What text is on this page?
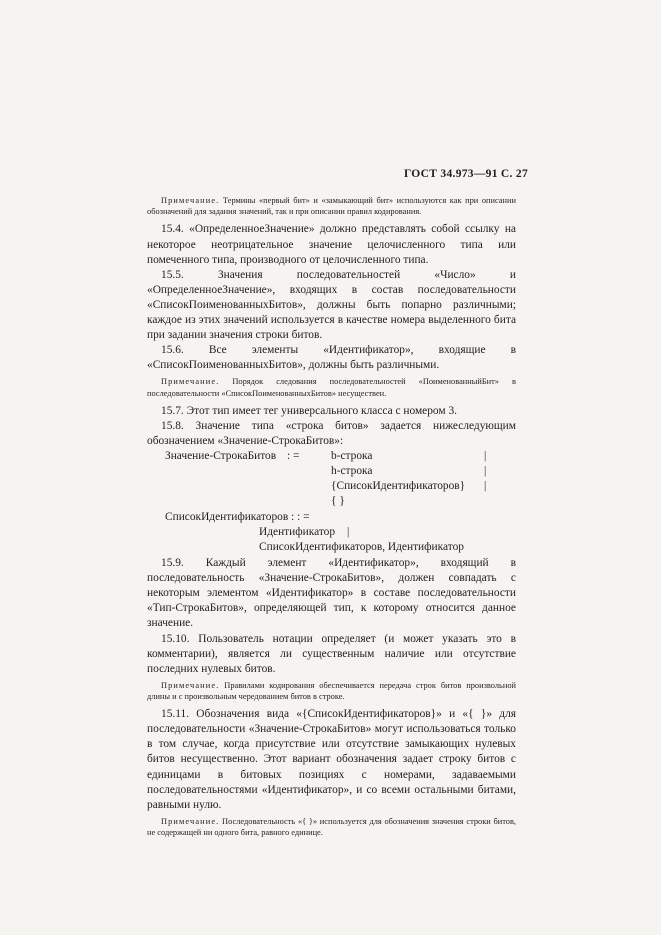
ГОСТ 34.973—91 С. 27
Примечание. Термины «первый бит» и «замыкающий бит» используются как при описании обозначений для задания значений, так и при описании правил кодирования.

15.4. «ОпределенноеЗначение» должно представлять собой ссылку на некоторое неотрицательное значение целочисленного типа или помеченного типа, производного от целочисленного типа.

15.5. Значения последовательностей «Число» и «ОпределенноеЗначение», входящих в состав последовательности «СписокПоименованныхБитов», должны быть попарно различными; каждое из этих значений используется в качестве номера выделенного бита при задании значения строки битов.

15.6. Все элементы «Идентификатор», входящие в «СписокПоименованныхБитов», должны быть различными.

Примечание. Порядок следования последовательностей «ПоименованныйБит» в последовательности «СписокПоименованныхБитов» несуществен.

15.7. Этот тип имеет тег универсального класса с номером 3.

15.8. Значение типа «строка битов» задается нижеследующим обозначением «Значение-СтрокаБитов»:

Значение-СтрокаБитов : =	b-строка	|
h-строка	|
{СписокИдентификаторов} |
{ }
СписокИдентификаторов : : =
Идентификатор |
СписокИдентификаторов, Идентификатор

15.9. Каждый элемент «Идентификатор», входящий в последовательность «Значение-СтрокаБитов», должен совпадать с некоторым элементом «Идентификатор» в составе последовательности «Тип-СтрокаБитов», определяющей тип, к которому относится данное значение.

15.10. Пользователь нотации определяет (и может указать это в комментарии), является ли существенным наличие или отсутствие последних нулевых битов.

Примечание. Правилами кодирования обеспечивается передача строк битов произвольной длины и с произвольным чередованием битов в строке.

15.11. Обозначения вида «{СписокИдентификаторов}» и «{ }» для последовательности «Значение-СтрокаБитов» могут использоваться только в том случае, когда присутствие или отсутствие замыкающих нулевых битов несущественно. Этот вариант обозначения задает строку битов с единицами в битовых позициях с номерами, задаваемыми последовательностями «Идентификатор», и со всеми остальными битами, равными нулю.

Примечание. Последовательность «{ }» используется для обозначения значения строки битов, не содержащей ни одного бита, равного единице.
